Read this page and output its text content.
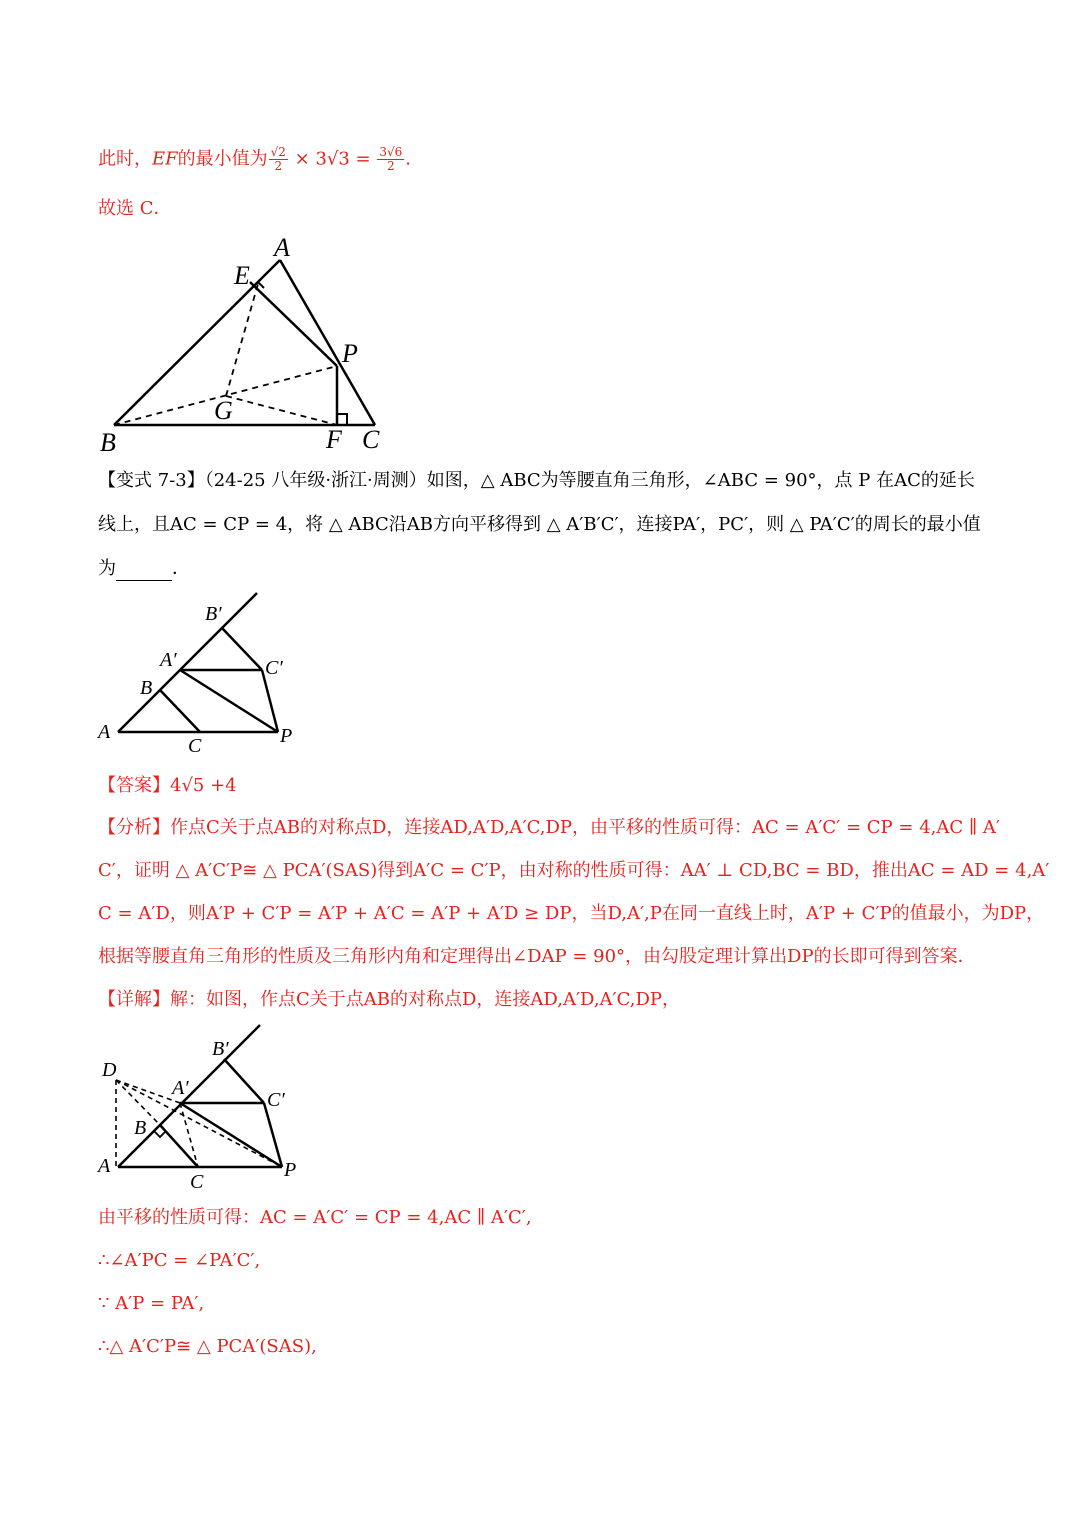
此时，EF的最小值为 $\frac{√2}{2} \times 3√3 = \frac{3√6}{2}$ .
故选 C．
A
E
P
G
B	F C
【变式 7-3】（24-25 八年级·浙江·周测）如图，△ ABC为等腰直角三角形，∠ABC = 90°，点 P 在AC的延长
线上，且AC = CP = 4，将 △ ABC沿AB方向平移得到 △ A′B′C′，连接PA′，PC′，则 △ PA′C′的周长的最小值
为	．
B′
A′	C′
B
A
C	P
【答案】4√5 +4
【分析】作点C关于点AB的对称点D，连接AD,A′D,A′C,DP，由平移的性质可得：AC = A′C′ = CP = 4,AC ∥ A′
C′，证明 △ A′C′P≅ △ PCA′(SAS)得到A′C = C′P，由对称的性质可得：AA′ ⊥ CD,BC = BD，推出AC = AD = 4,A′
C = A′D，则A′P + C′P = A′P + A′C = A′P + A′D ≥ DP，当D,A′,P在同一直线上时，A′P + C′P的值最小，为DP，
根据等腰直角三角形的性质及三角形内角和定理得出∠DAP = 90°，由勾股定理计算出DP的长即可得到答案．
【详解】解：如图，作点C关于点AB的对称点D，连接AD,A′D,A′C,DP，
D
B′
A′
C′
B
A
C
P
由平移的性质可得：AC = A′C′ = CP = 4,AC ∥ A′C′,
∴∠A′PC = ∠PA′C′,
∵ A′P = PA′,
∴△ A′C′P≅ △ PCA′(SAS),
